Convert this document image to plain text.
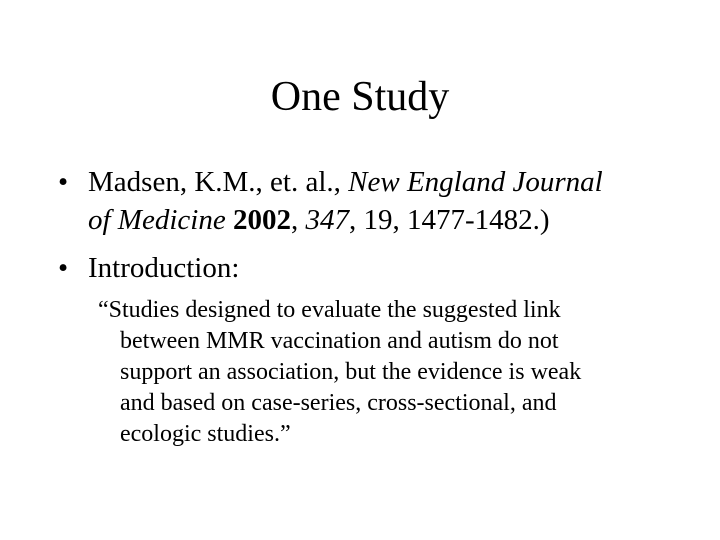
One Study
• Madsen, K.M., et. al., New England Journal
of Medicine 2002, 347, 19, 1477-1482.)
• Introduction:
“Studies designed to evaluate the suggested link
between MMR vaccination and autism do not
support an association, but the evidence is weak
and based on case-series, cross-sectional, and
ecologic studies.”
